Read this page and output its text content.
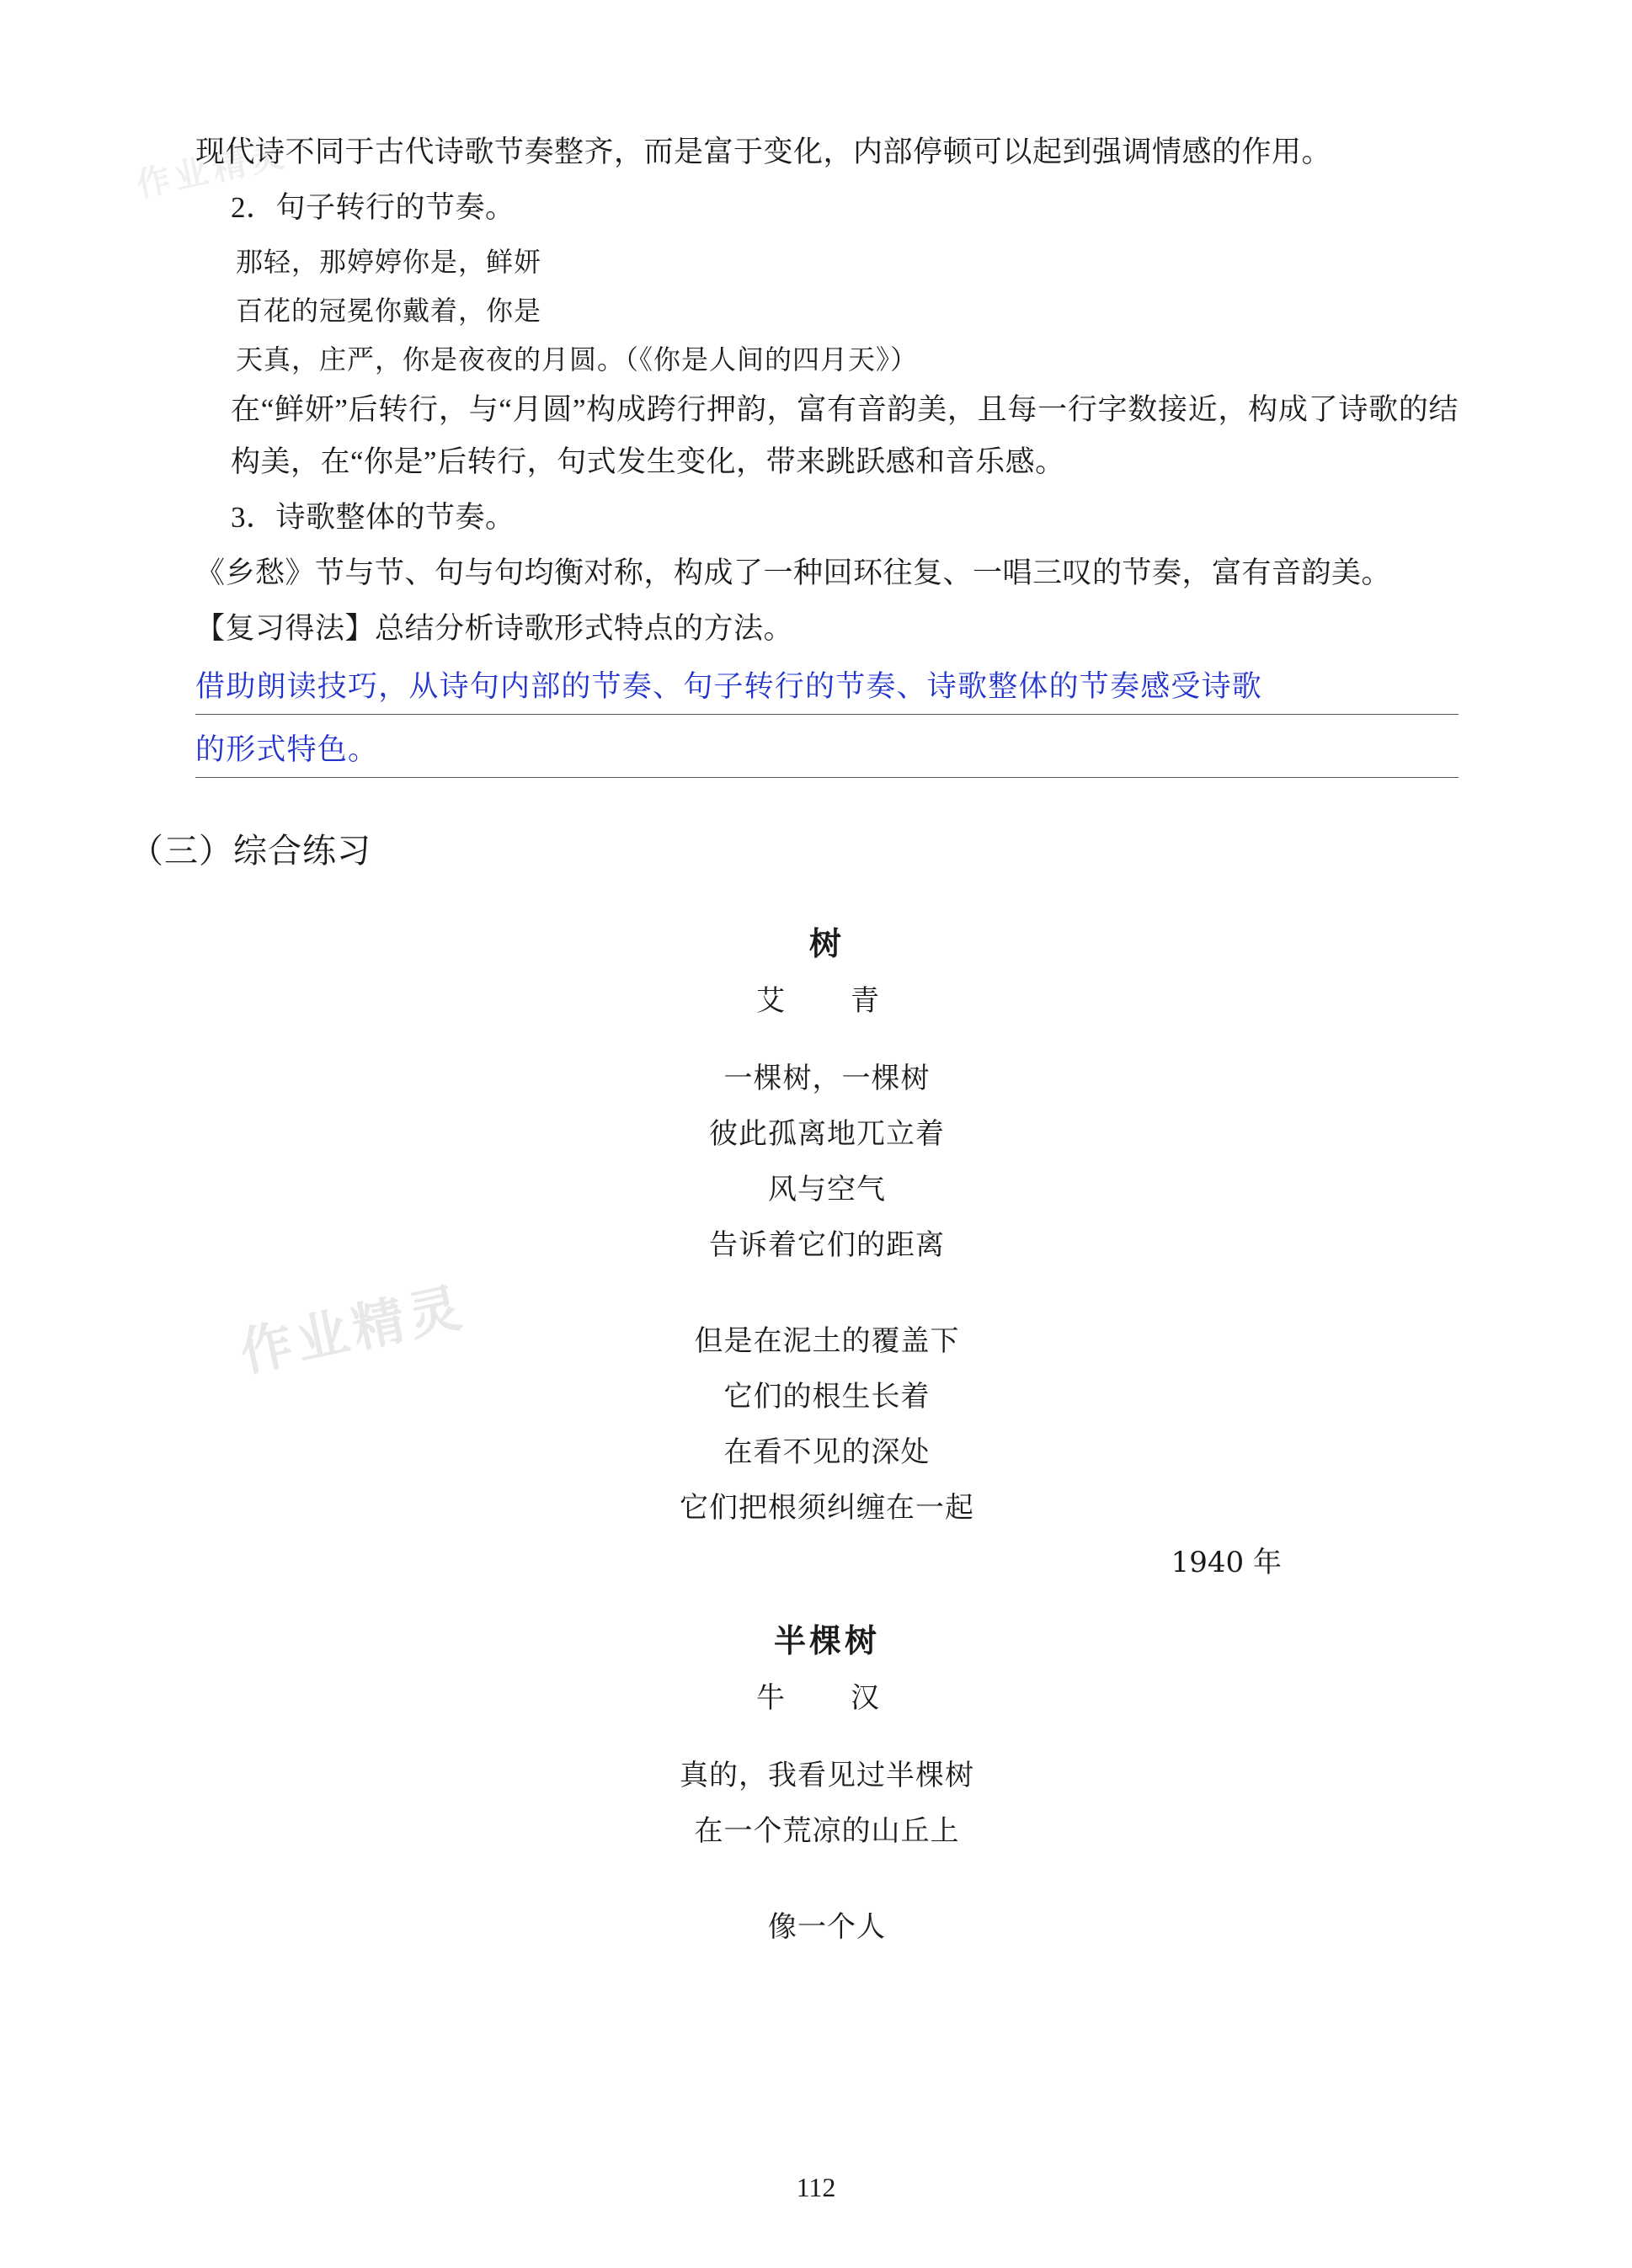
作业精灵
作业精灵

现代诗不同于古代诗歌节奏整齐，而是富于变化，内部停顿可以起到强调情感的作用。

2．句子转行的节奏。

那轻，那婷婷你是，鲜妍
百花的冠冕你戴着，你是
天真，庄严，你是夜夜的月圆。（《你是人间的四月天》）

在“鲜妍”后转行，与“月圆”构成跨行押韵，富有音韵美，且每一行字数接近，构成了诗歌的结构美，在“你是”后转行，句式发生变化，带来跳跃感和音乐感。

3．诗歌整体的节奏。

《乡愁》节与节、句与句均衡对称，构成了一种回环往复、一唱三叹的节奏，富有音韵美。

【复习得法】总结分析诗歌形式特点的方法。

借助朗读技巧，从诗句内部的节奏、句子转行的节奏、诗歌整体的节奏感受诗歌
的形式特色。
（三）综合练习
树
艾　青
一棵树，一棵树
彼此孤离地兀立着
风与空气
告诉着它们的距离
但是在泥土的覆盖下
它们的根生长着
在看不见的深处
它们把根须纠缠在一起
1940 年
半棵树
牛　汉
真的，我看见过半棵树
在一个荒凉的山丘上
像一个人
112
